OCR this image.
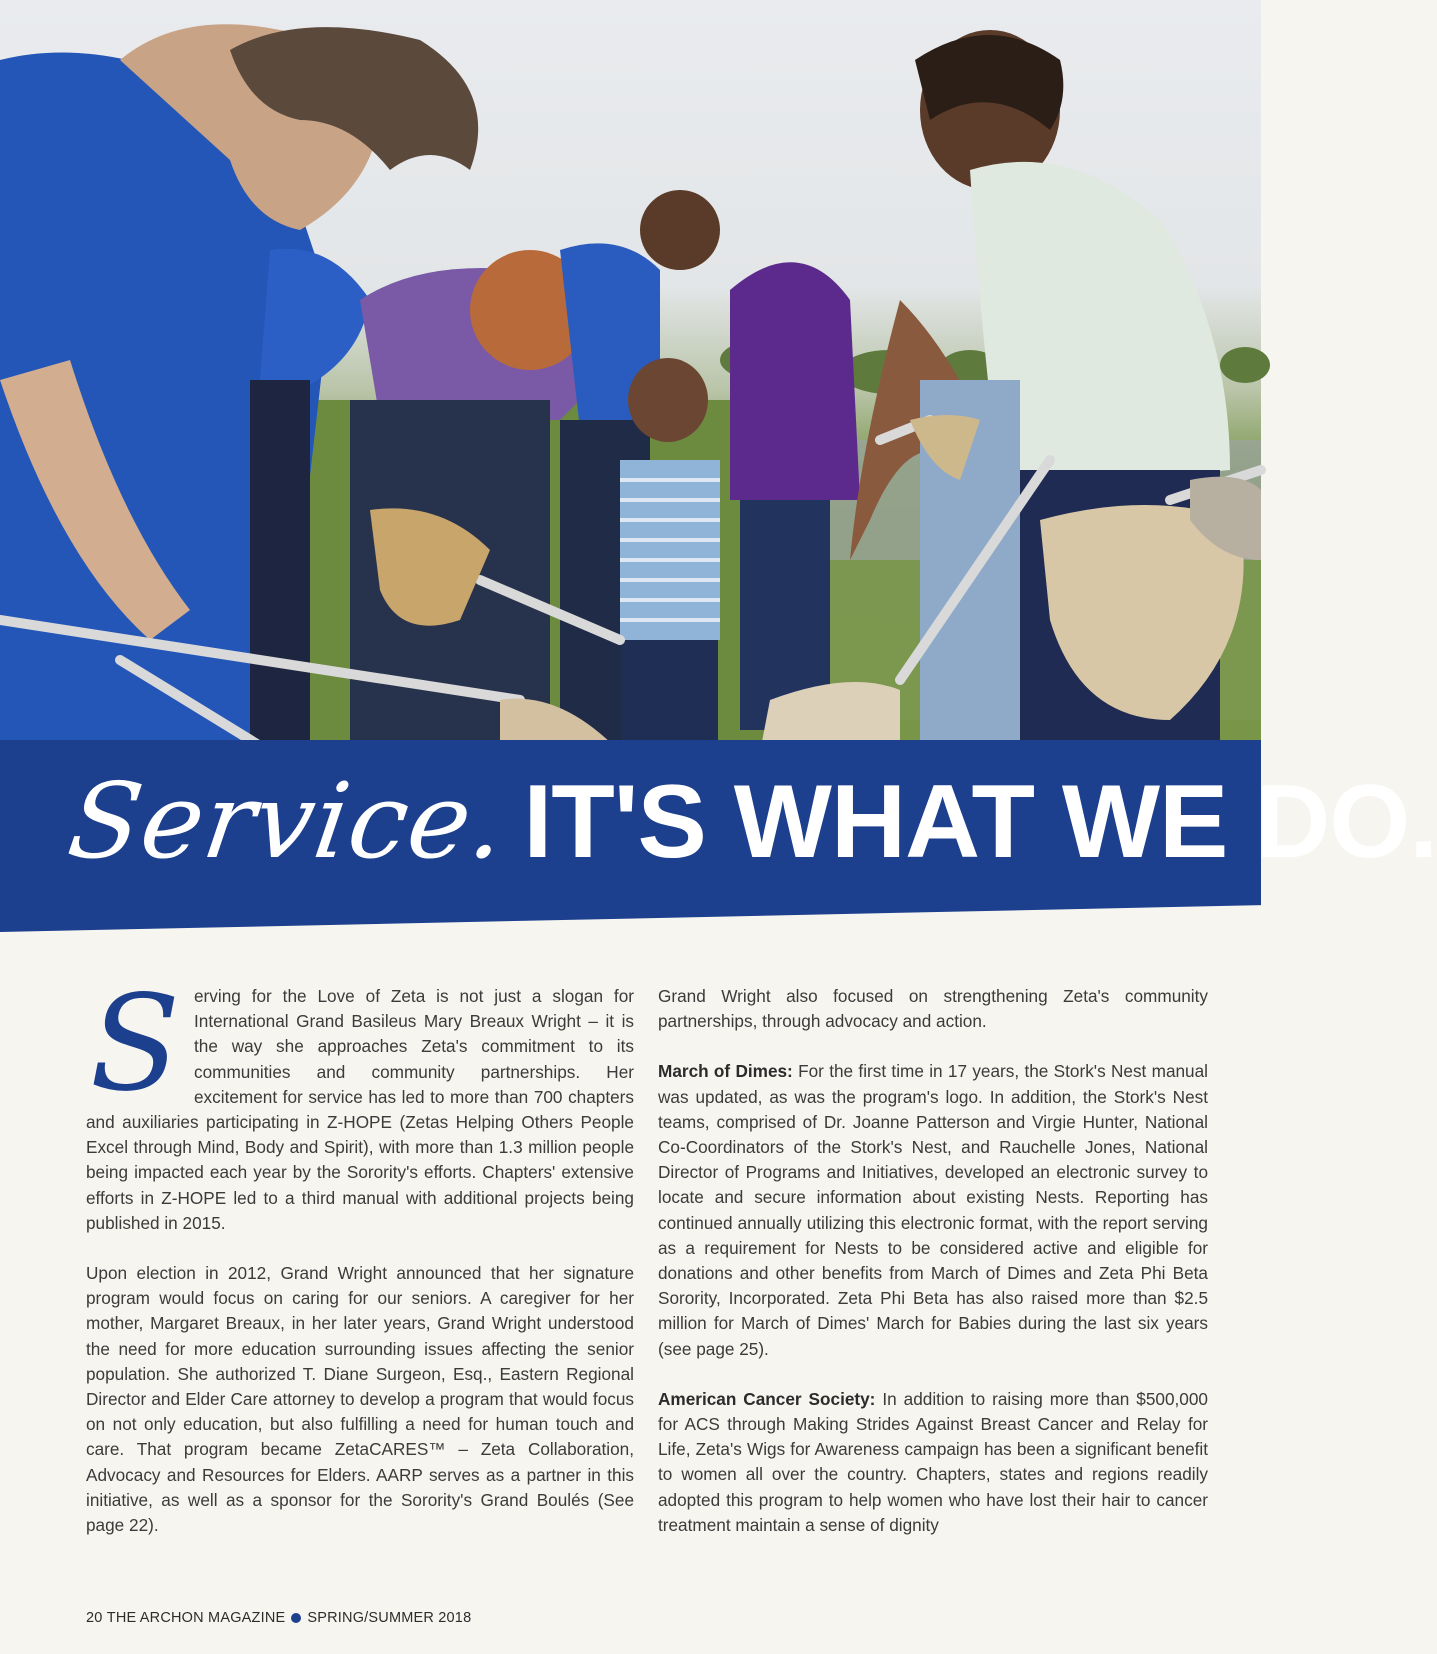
Service. IT'S WHAT WE DO.

S erving for the Love of Zeta is not just a slogan for International Grand Basileus Mary Breaux Wright – it is the way she approaches Zeta's commitment to its communities and community partnerships. Her excitement for service has led to more than 700 chapters and auxiliaries participating in Z-HOPE (Zetas Helping Others People Excel through Mind, Body and Spirit), with more than 1.3 million people being impacted each year by the Sorority's efforts. Chapters' extensive efforts in Z-HOPE led to a third manual with additional projects being published in 2015.

Upon election in 2012, Grand Wright announced that her signature program would focus on caring for our seniors. A caregiver for her mother, Margaret Breaux, in her later years, Grand Wright understood the need for more education surrounding issues affecting the senior population. She authorized T. Diane Surgeon, Esq., Eastern Regional Director and Elder Care attorney to develop a program that would focus on not only education, but also fulfilling a need for human touch and care. That program became ZetaCARES™ – Zeta Collaboration, Advocacy and Resources for Elders. AARP serves as a partner in this initiative, as well as a sponsor for the Sorority's Grand Boulés (See page 22).

Grand Wright also focused on strengthening Zeta's community partnerships, through advocacy and action.

March of Dimes: For the first time in 17 years, the Stork's Nest manual was updated, as was the program's logo. In addition, the Stork's Nest teams, comprised of Dr. Joanne Patterson and Virgie Hunter, National Co-Coordinators of the Stork's Nest, and Rauchelle Jones, National Director of Programs and Initiatives, developed an electronic survey to locate and secure information about existing Nests. Reporting has continued annually utilizing this electronic format, with the report serving as a requirement for Nests to be considered active and eligible for donations and other benefits from March of Dimes and Zeta Phi Beta Sorority, Incorporated. Zeta Phi Beta has also raised more than $2.5 million for March of Dimes' March for Babies during the last six years (see page 25).

American Cancer Society: In addition to raising more than $500,000 for ACS through Making Strides Against Breast Cancer and Relay for Life, Zeta's Wigs for Awareness campaign has been a significant benefit to women all over the country. Chapters, states and regions readily adopted this program to help women who have lost their hair to cancer treatment maintain a sense of dignity

20
THE ARCHON MAGAZINE SPRING/SUMMER 2018
